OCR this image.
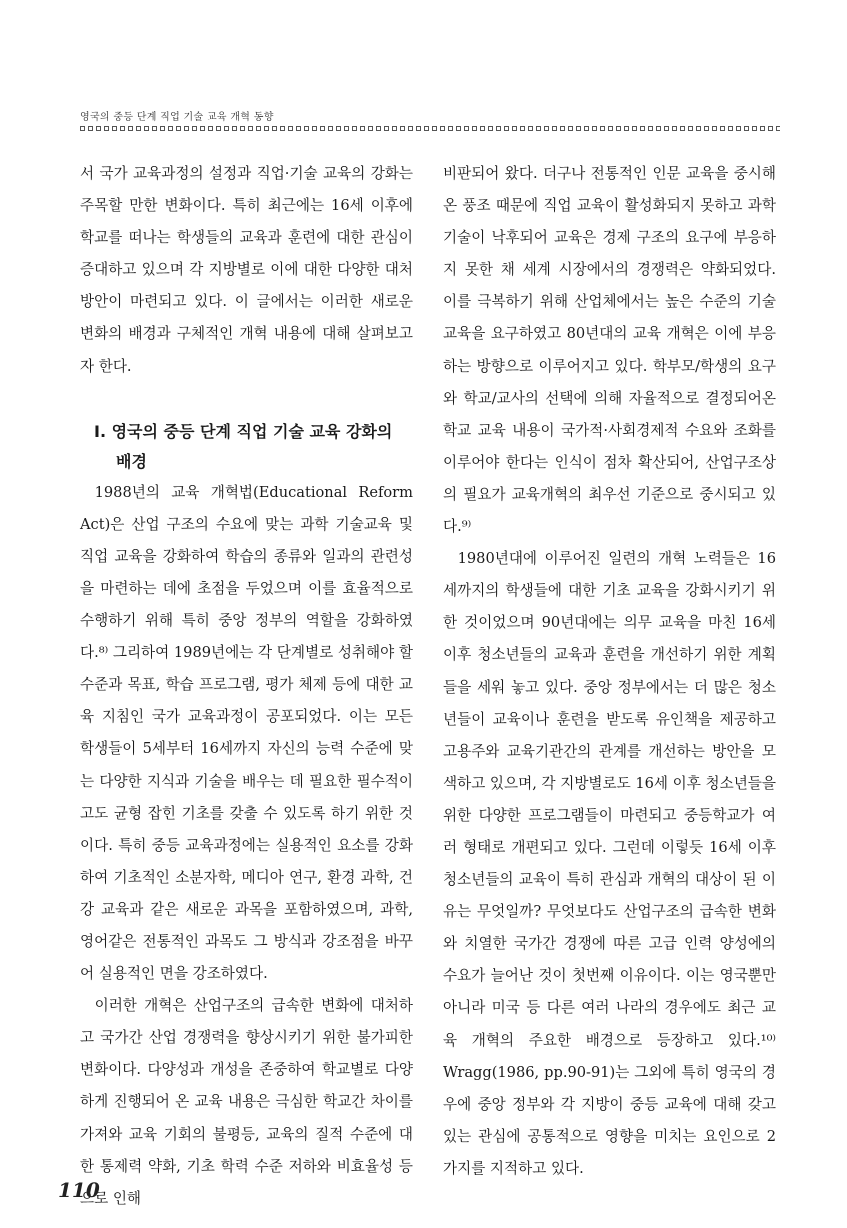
영국의 중등 단계 직업 기술 교육 개혁 동향

서 국가 교육과정의 설정과 직업·기술 교육의 강화는 주목할 만한 변화이다. 특히 최근에는 16세 이후에 학교를 떠나는 학생들의 교육과 훈련에 대한 관심이 증대하고 있으며 각 지방별로 이에 대한 다양한 대처 방안이 마련되고 있다. 이 글에서는 이러한 새로운 변화의 배경과 구체적인 개혁 내용에 대해 살펴보고자 한다.

Ⅰ. 영국의 중등 단계 직업 기술 교육 강화의 배경

1988년의 교육 개혁법(Educational Reform Act)은 산업 구조의 수요에 맞는 과학 기술교육 및 직업 교육을 강화하여 학습의 종류와 일과의 관련성을 마련하는 데에 초점을 두었으며 이를 효율적으로 수행하기 위해 특히 중앙 정부의 역할을 강화하였다.⁸⁾ 그리하여 1989년에는 각 단계별로 성취해야 할 수준과 목표, 학습 프로그램, 평가 체제 등에 대한 교육 지침인 국가 교육과정이 공포되었다. 이는 모든 학생들이 5세부터 16세까지 자신의 능력 수준에 맞는 다양한 지식과 기술을 배우는 데 필요한 필수적이고도 균형 잡힌 기초를 갖출 수 있도록 하기 위한 것이다. 특히 중등 교육과정에는 실용적인 요소를 강화하여 기초적인 소분자학, 메디아 연구, 환경 과학, 건강 교육과 같은 새로운 과목을 포함하였으며, 과학, 영어같은 전통적인 과목도 그 방식과 강조점을 바꾸어 실용적인 면을 강조하였다.

이러한 개혁은 산업구조의 급속한 변화에 대처하고 국가간 산업 경쟁력을 향상시키기 위한 불가피한 변화이다. 다양성과 개성을 존중하여 학교별로 다양하게 진행되어 온 교육 내용은 극심한 학교간 차이를 가져와 교육 기회의 불평등, 교육의 질적 수준에 대한 통제력 약화, 기초 학력 수준 저하와 비효율성 등으로 인해

비판되어 왔다. 더구나 전통적인 인문 교육을 중시해 온 풍조 때문에 직업 교육이 활성화되지 못하고 과학 기술이 낙후되어 교육은 경제 구조의 요구에 부응하지 못한 채 세계 시장에서의 경쟁력은 약화되었다. 이를 극복하기 위해 산업체에서는 높은 수준의 기술 교육을 요구하였고 80년대의 교육 개혁은 이에 부응하는 방향으로 이루어지고 있다. 학부모/학생의 요구와 학교/교사의 선택에 의해 자율적으로 결정되어온 학교 교육 내용이 국가적·사회경제적 수요와 조화를 이루어야 한다는 인식이 점차 확산되어, 산업구조상의 필요가 교육개혁의 최우선 기준으로 중시되고 있다.⁹⁾

1980년대에 이루어진 일련의 개혁 노력들은 16세까지의 학생들에 대한 기초 교육을 강화시키기 위한 것이었으며 90년대에는 의무 교육을 마친 16세 이후 청소년들의 교육과 훈련을 개선하기 위한 계획들을 세워 놓고 있다. 중앙 정부에서는 더 많은 청소년들이 교육이나 훈련을 받도록 유인책을 제공하고 고용주와 교육기관간의 관계를 개선하는 방안을 모색하고 있으며, 각 지방별로도 16세 이후 청소년들을 위한 다양한 프로그램들이 마련되고 중등학교가 여러 형태로 개편되고 있다. 그런데 이렇듯 16세 이후 청소년들의 교육이 특히 관심과 개혁의 대상이 된 이유는 무엇일까? 무엇보다도 산업구조의 급속한 변화와 치열한 국가간 경쟁에 따른 고급 인력 양성에의 수요가 늘어난 것이 첫번째 이유이다. 이는 영국뿐만 아니라 미국 등 다른 여러 나라의 경우에도 최근 교육 개혁의 주요한 배경으로 등장하고 있다.¹⁰⁾ Wragg(1986, pp.90-91)는 그외에 특히 영국의 경우에 중앙 정부와 각 지방이 중등 교육에 대해 갖고 있는 관심에 공통적으로 영향을 미치는 요인으로 2가지를 지적하고 있다.

110
